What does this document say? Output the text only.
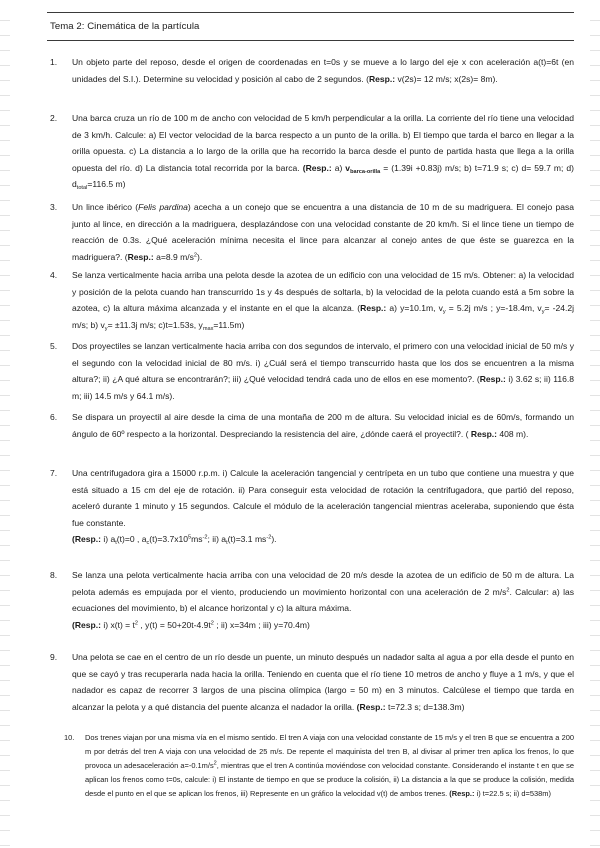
Tema 2: Cinemática de la partícula
1. Un objeto parte del reposo, desde el origen de coordenadas en t=0s y se mueve a lo largo del eje x con aceleración a(t)=6t (en unidades del S.I.). Determine su velocidad y posición al cabo de 2 segundos. (Resp.: v(2s)= 12 m/s; x(2s)= 8m).
2. Una barca cruza un río de 100 m de ancho con velocidad de 5 km/h perpendicular a la orilla. La corriente del río tiene una velocidad de 3 km/h. Calcule: a) El vector velocidad de la barca respecto a un punto de la orilla. b) El tiempo que tarda el barco en llegar a la orilla opuesta. c) La distancia a lo largo de la orilla que ha recorrido la barca desde el punto de partida hasta que llega a la orilla opuesta del río. d) La distancia total recorrida por la barca. (Resp.: a) $v_{barca-orilla} = (1.39i +0.83j)$ m/s; b) t=71.9 s; c) d= 59.7 m; d) $d_{total}=116.5$ m)
3. Un lince ibérico (Felis pardina) acecha a un conejo que se encuentra a una distancia de 10 m de su madriguera. El conejo pasa junto al lince, en dirección a la madriguera, desplazándose con una velocidad constante de 20 km/h. Si el lince tiene un tiempo de reacción de 0.3s. ¿Qué aceleración mínima necesita el lince para alcanzar al conejo antes de que éste se guarezca en la madriguera?. (Resp.: a=8.9 $m/s^2$).
4. Se lanza verticalmente hacia arriba una pelota desde la azotea de un edificio con una velocidad de 15 m/s. Obtener: a) la velocidad y posición de la pelota cuando han transcurrido 1s y 4s después de soltarla, b) la velocidad de la pelota cuando está a 5m sobre la azotea, c) la altura máxima alcanzada y el instante en el que la alcanza. (Resp.: a) y=10.1m, $v_y = 5.2j$ m/s ; y=-18.4m, $v_y= -24.2j$ m/s; b) $v_y= \pm 11.3j$ m/s; c)t=1.53s, $y_{max}=11.5m$)
5. Dos proyectiles se lanzan verticalmente hacia arriba con dos segundos de intervalo, el primero con una velocidad inicial de 50 m/s y el segundo con la velocidad inicial de 80 m/s. i) ¿Cuál será el tiempo transcurrido hasta que los dos se encuentren a la misma altura?; ii) ¿A qué altura se encontrarán?; iii) ¿Qué velocidad tendrá cada uno de ellos en ese momento?. (Resp.: i) 3.62 s; ii) 116.8 m; iii) 14.5 m/s y 64.1 m/s).
6. Se dispara un proyectil al aire desde la cima de una montaña de 200 m de altura. Su velocidad inicial es de 60m/s, formando un ángulo de 60º respecto a la horizontal. Despreciando la resistencia del aire, ¿dónde caerá el proyectil?. ( Resp.: 408 m).
7. Una centrifugadora gira a 15000 r.p.m. i) Calcule la aceleración tangencial y centrípeta en un tubo que contiene una muestra y que está situado a 15 cm del eje de rotación. ii) Para conseguir esta velocidad de rotación la centrifugadora, que partió del reposo, aceleró durante 1 minuto y 15 segundos. Calcule el módulo de la aceleración tangencial mientras aceleraba, suponiendo que ésta fue constante.
(Resp.: i) $a_t(t)=0$ , $a_c(t)=3.7x10^5ms^{-2}$; ii) $a_t(t)=3.1$ $ms^{-2}$).
8. Se lanza una pelota verticalmente hacia arriba con una velocidad de 20 m/s desde la azotea de un edificio de 50 m de altura. La pelota además es empujada por el viento, produciendo un movimiento horizontal con una aceleración de 2 $m/s^2$. Calcular: a) las ecuaciones del movimiento, b) el alcance horizontal y c) la altura máxima.
(Resp.: i) $x(t) = t^2$ , $y(t) = 50+20t-4.9t^2$ ; ii) x=34m ; iii) y=70.4m)
9. Una pelota se cae en el centro de un río desde un puente, un minuto después un nadador salta al agua a por ella desde el punto en que se cayó y tras recuperarla nada hacia la orilla. Teniendo en cuenta que el río tiene 10 metros de ancho y fluye a 1 m/s, y que el nadador es capaz de recorrer 3 largos de una piscina olímpica (largo = 50 m) en 3 minutos. Calcúlese el tiempo que tarda en alcanzar la pelota y a qué distancia del puente alcanza el nadador la orilla. (Resp.: t=72.3 s; d=138.3m)
10. Dos trenes viajan por una misma vía en el mismo sentido. El tren A viaja con una velocidad constante de 15 m/s y el tren B que se encuentra a 200 m por detrás del tren A viaja con una velocidad de 25 m/s. De repente el maquinista del tren B, al divisar al primer tren aplica los frenos, lo que provoca un adesaceleración $a=-0.1m/s^2$, mientras que el tren A continúa moviéndose con velocidad constante. Considerando el instante t en que se aplican los frenos como t=0s, calcule: i) El instante de tiempo en que se produce la colisión, ii) La distancia a la que se produce la colisión, medida desde el punto en el que se aplican los frenos, iii) Represente en un gráfico la velocidad v(t) de ambos trenes. (Resp.: i) t=22.5 s; ii) d=538m)
